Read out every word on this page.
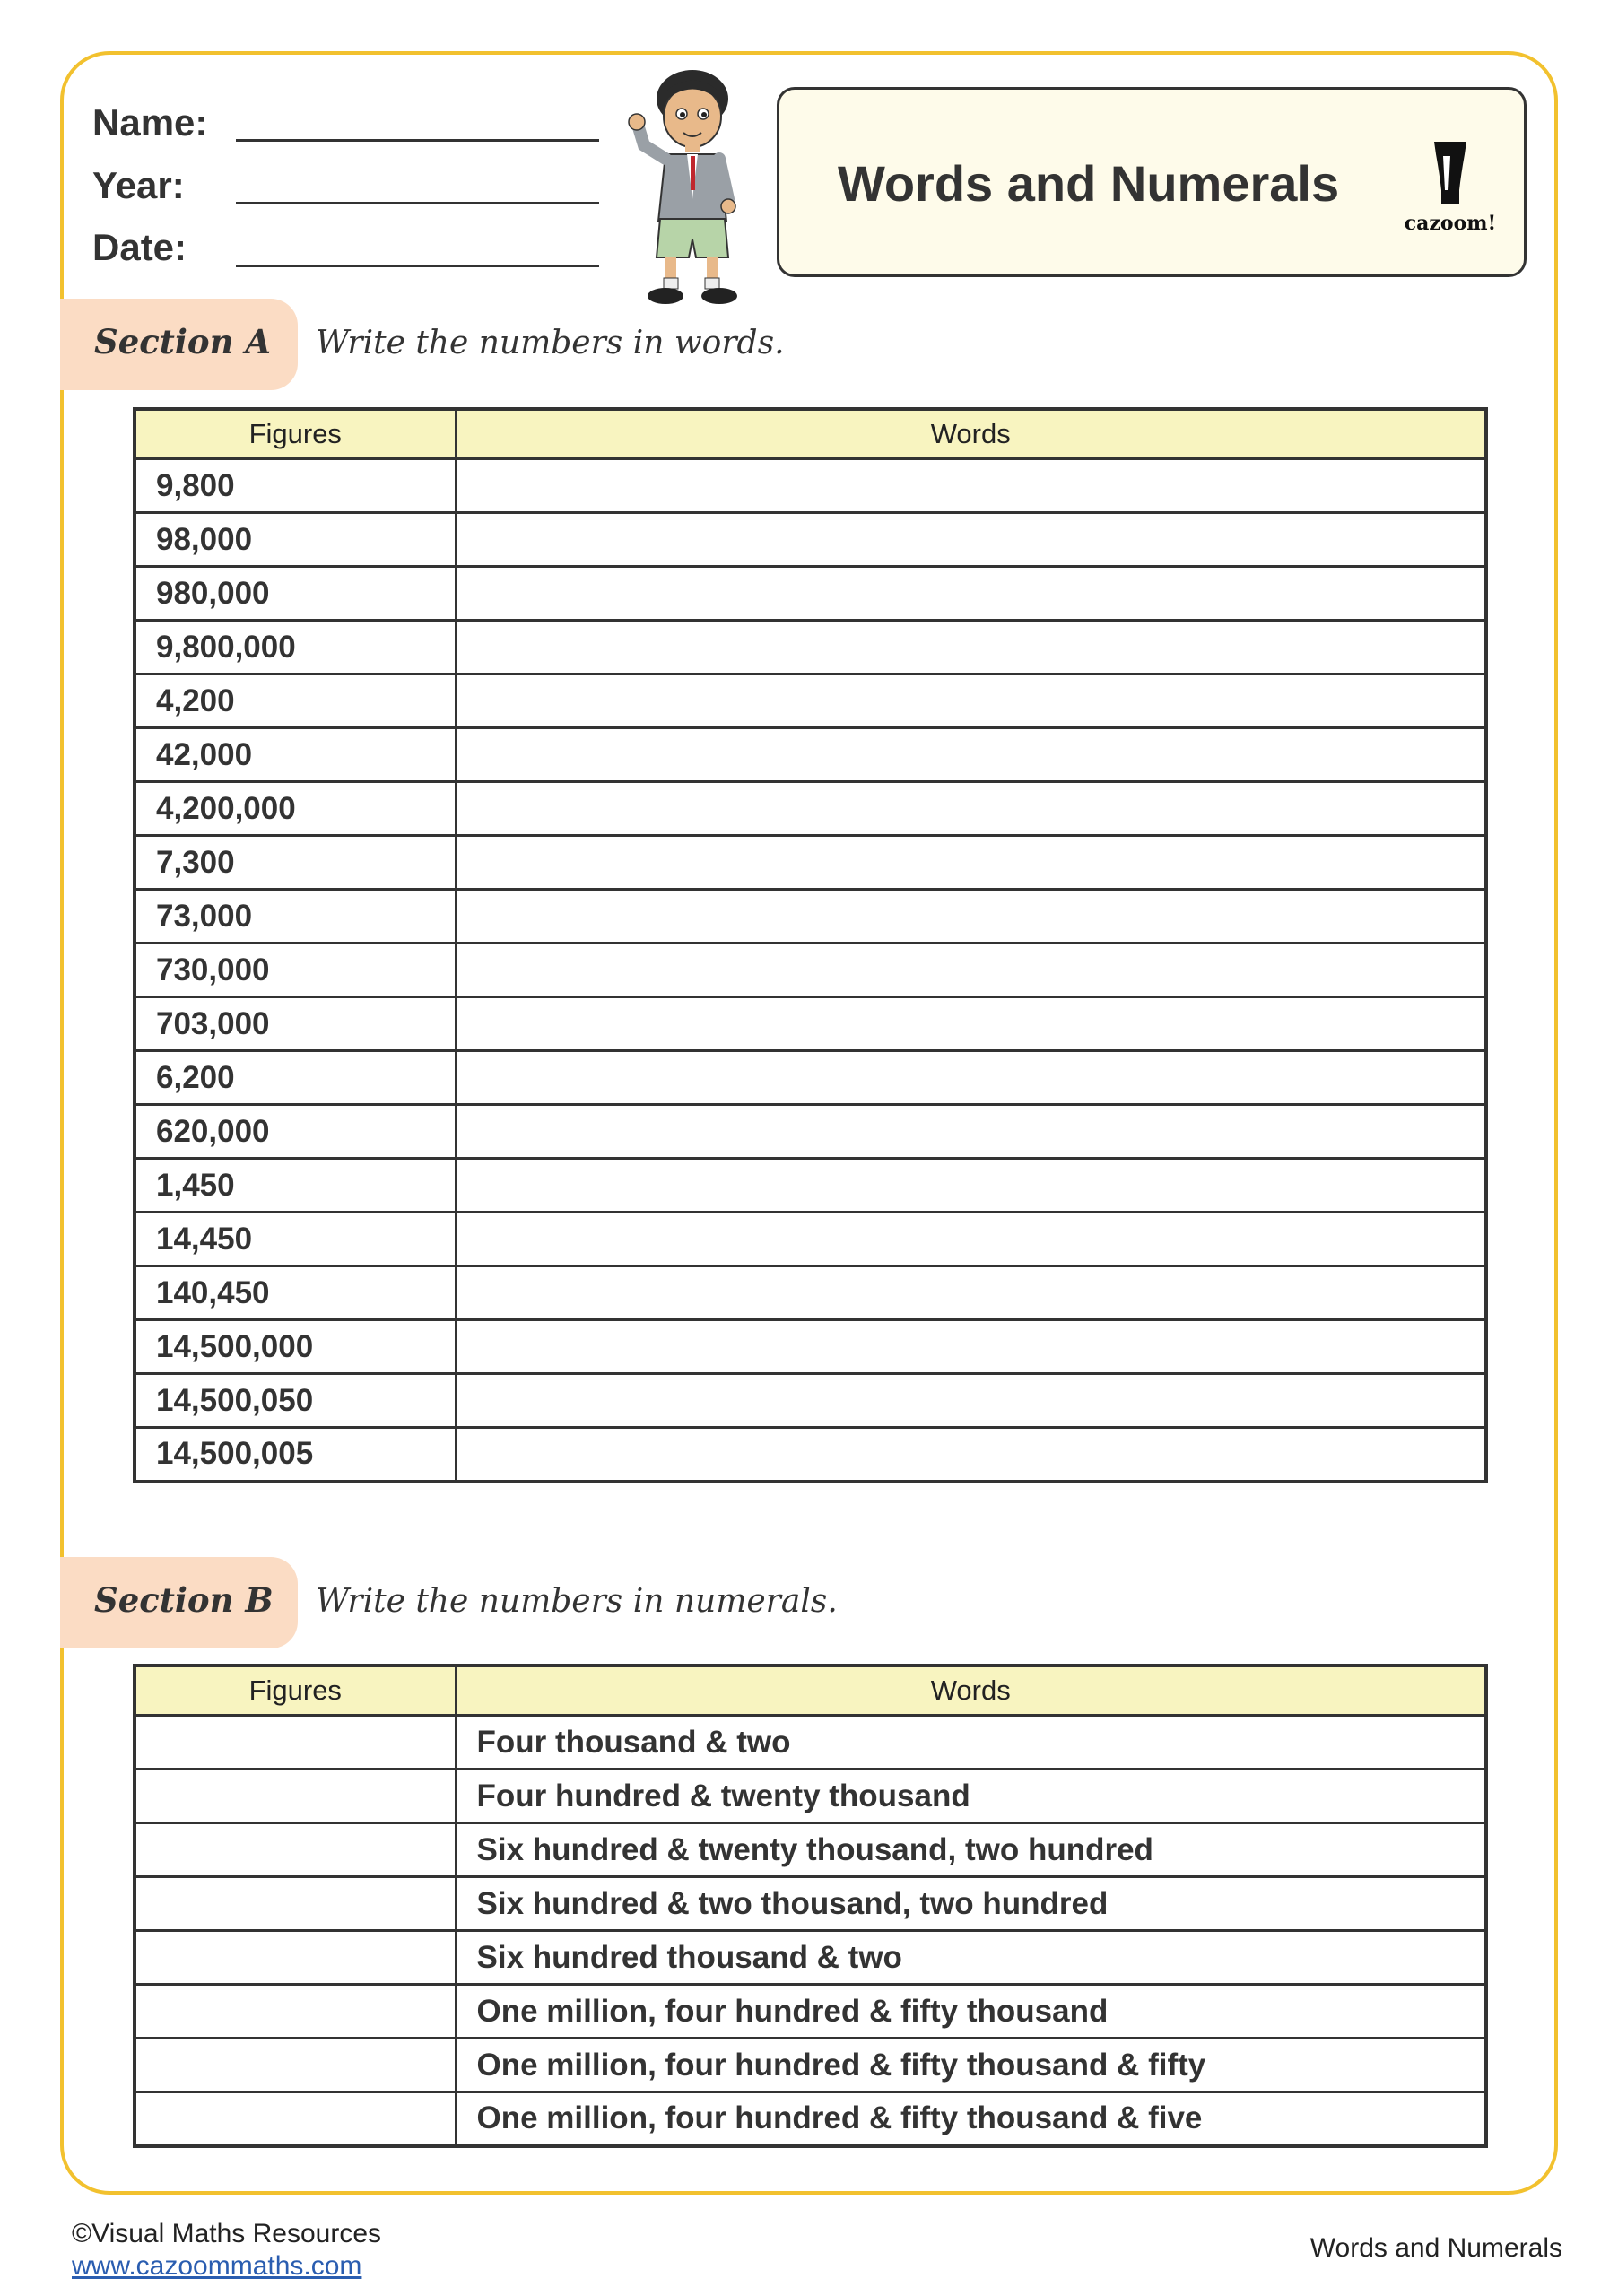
Name:
Year:
Date:
Words and Numerals
cazoom!
Section A Write the numbers in words.
Figures	Words
9,800	
98,000	
980,000	
9,800,000	
4,200	
42,000	
4,200,000	
7,300	
73,000	
730,000	
703,000	
6,200	
620,000	
1,450	
14,450	
140,450	
14,500,000	
14,500,050	
14,500,005	
Section B Write the numbers in numerals.
Figures	Words
	Four thousand & two
	Four hundred & twenty thousand
	Six hundred & twenty thousand, two hundred
	Six hundred & two thousand, two hundred
	Six hundred thousand & two
	One million, four hundred & fifty thousand
	One million, four hundred & fifty thousand & fifty
	One million, four hundred & fifty thousand & five
©Visual Maths Resources
www.cazoommaths.com
Words and Numerals
